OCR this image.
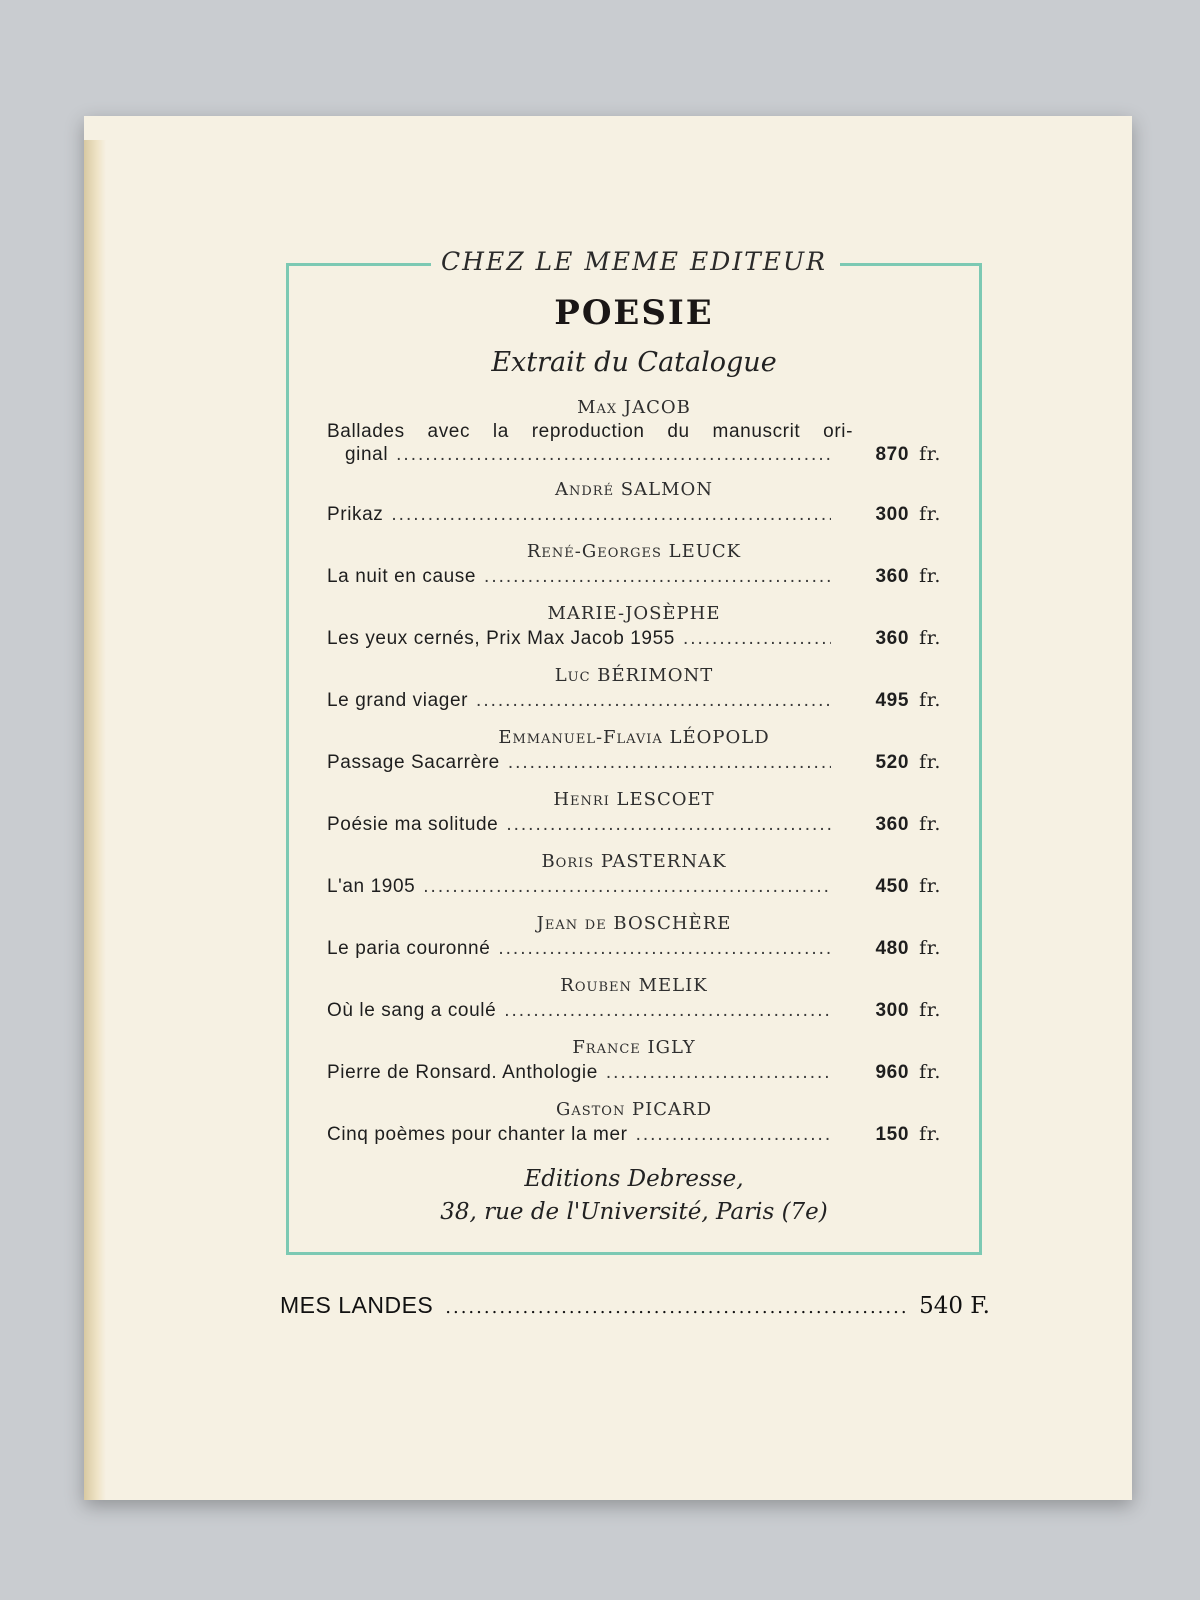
CHEZ LE MEME EDITEUR
POESIE
Extrait du Catalogue
Max JACOB
Ballades avec la reproduction du manuscrit ori-
ginal .....	870 fr.
André SALMON
Prikaz .....	300 fr.
René-Georges LEUCK
La nuit en cause .....	360 fr.
MARIE-JOSÈPHE
Les yeux cernés, Prix Max Jacob 1955 .....	360 fr.
Luc BÉRIMONT
Le grand viager .....	495 fr.
Emmanuel-Flavia LÉOPOLD
Passage Sacarrère .....	520 fr.
Henri LESCOET
Poésie ma solitude .....	360 fr.
Boris PASTERNAK
L'an 1905 .....	450 fr.
Jean de BOSCHÈRE
Le paria couronné .....	480 fr.
Rouben MELIK
Où le sang a coulé .....	300 fr.
France IGLY
Pierre de Ronsard. Anthologie .....	960 fr.
Gaston PICARD
Cinq poèmes pour chanter la mer .....	150 fr.
Editions Debresse,
38, rue de l'Université, Paris (7e)
MES LANDES .....	540 F.
